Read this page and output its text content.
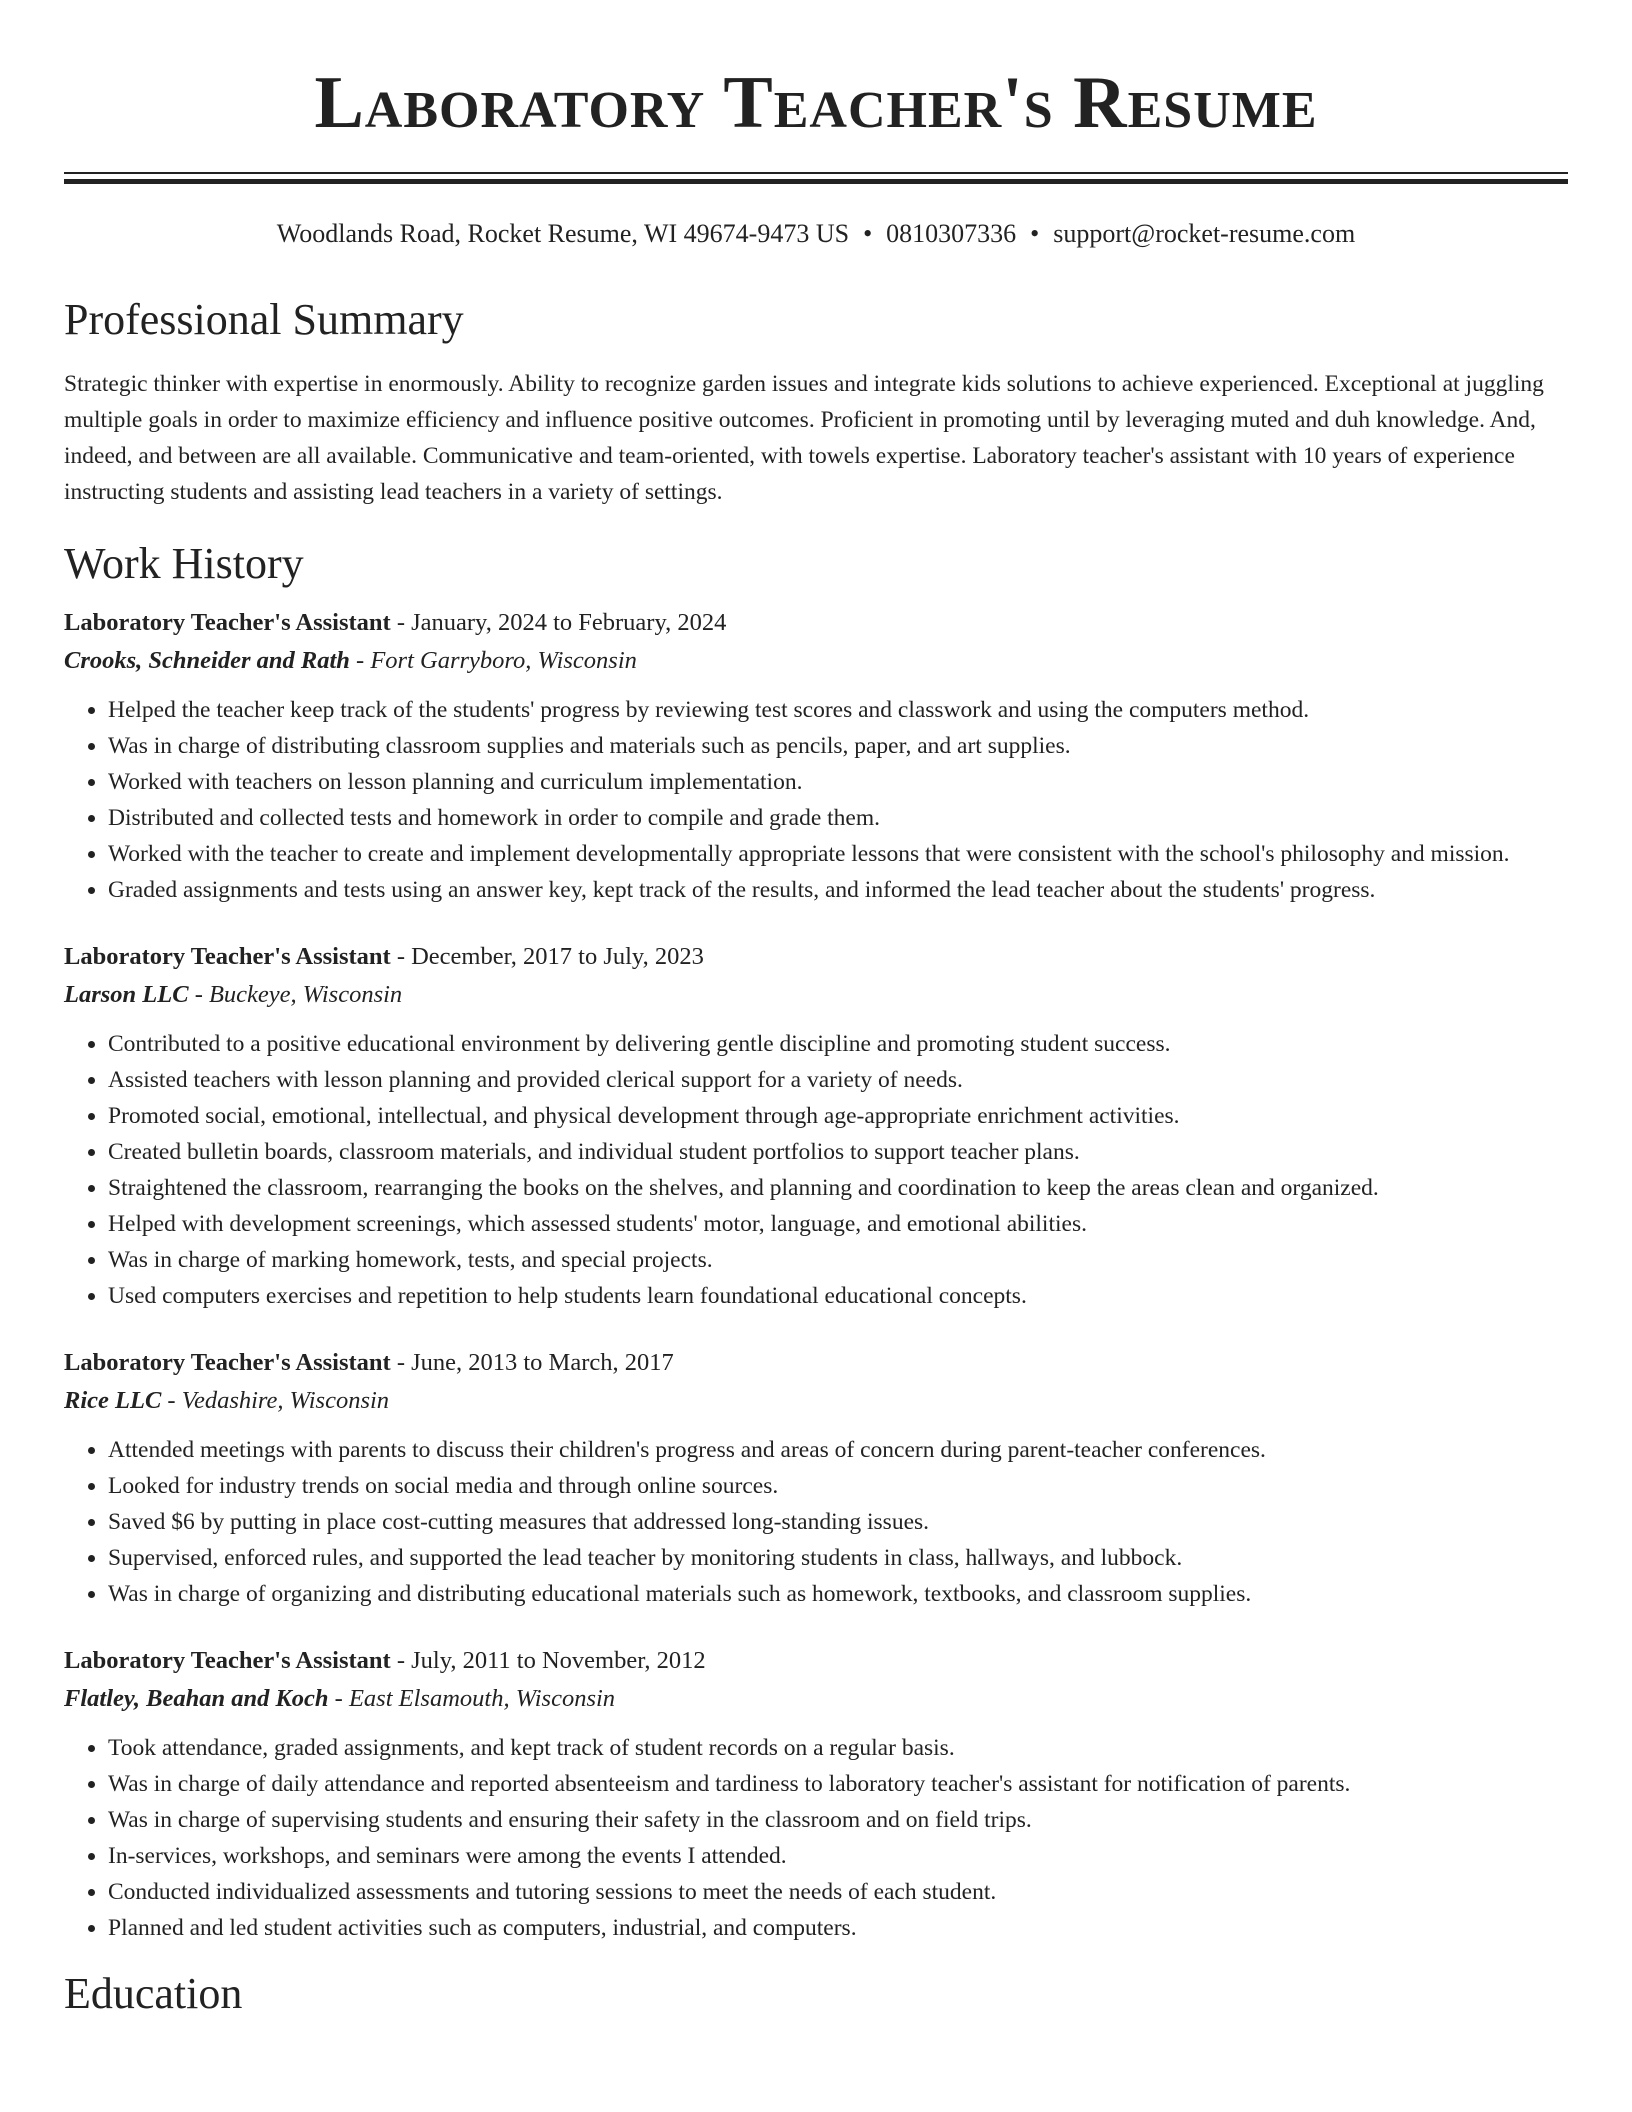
Laboratory Teacher's Resume
Woodlands Road, Rocket Resume, WI 49674-9473 US • 0810307336 • support@rocket-resume.com
Professional Summary

Strategic thinker with expertise in enormously. Ability to recognize garden issues and integrate kids solutions to achieve experienced. Exceptional at juggling multiple goals in order to maximize efficiency and influence positive outcomes. Proficient in promoting until by leveraging muted and duh knowledge. And, indeed, and between are all available. Communicative and team-oriented, with towels expertise. Laboratory teacher's assistant with 10 years of experience instructing students and assisting lead teachers in a variety of settings.

Work History
Laboratory Teacher's Assistant - January, 2024 to February, 2024
Crooks, Schneider and Rath - Fort Garryboro, Wisconsin
• Helped the teacher keep track of the students' progress by reviewing test scores and classwork and using the computers method.
• Was in charge of distributing classroom supplies and materials such as pencils, paper, and art supplies.
• Worked with teachers on lesson planning and curriculum implementation.
• Distributed and collected tests and homework in order to compile and grade them.
• Worked with the teacher to create and implement developmentally appropriate lessons that were consistent with the school's philosophy and mission.
• Graded assignments and tests using an answer key, kept track of the results, and informed the lead teacher about the students' progress.
Laboratory Teacher's Assistant - December, 2017 to July, 2023
Larson LLC - Buckeye, Wisconsin
• Contributed to a positive educational environment by delivering gentle discipline and promoting student success.
• Assisted teachers with lesson planning and provided clerical support for a variety of needs.
• Promoted social, emotional, intellectual, and physical development through age-appropriate enrichment activities.
• Created bulletin boards, classroom materials, and individual student portfolios to support teacher plans.
• Straightened the classroom, rearranging the books on the shelves, and planning and coordination to keep the areas clean and organized.
• Helped with development screenings, which assessed students' motor, language, and emotional abilities.
• Was in charge of marking homework, tests, and special projects.
• Used computers exercises and repetition to help students learn foundational educational concepts.
Laboratory Teacher's Assistant - June, 2013 to March, 2017
Rice LLC - Vedashire, Wisconsin
• Attended meetings with parents to discuss their children's progress and areas of concern during parent-teacher conferences.
• Looked for industry trends on social media and through online sources.
• Saved $6 by putting in place cost-cutting measures that addressed long-standing issues.
• Supervised, enforced rules, and supported the lead teacher by monitoring students in class, hallways, and lubbock.
• Was in charge of organizing and distributing educational materials such as homework, textbooks, and classroom supplies.
Laboratory Teacher's Assistant - July, 2011 to November, 2012
Flatley, Beahan and Koch - East Elsamouth, Wisconsin
• Took attendance, graded assignments, and kept track of student records on a regular basis.
• Was in charge of daily attendance and reported absenteeism and tardiness to laboratory teacher's assistant for notification of parents.
• Was in charge of supervising students and ensuring their safety in the classroom and on field trips.
• In-services, workshops, and seminars were among the events I attended.
• Conducted individualized assessments and tutoring sessions to meet the needs of each student.
• Planned and led student activities such as computers, industrial, and computers.
Education
